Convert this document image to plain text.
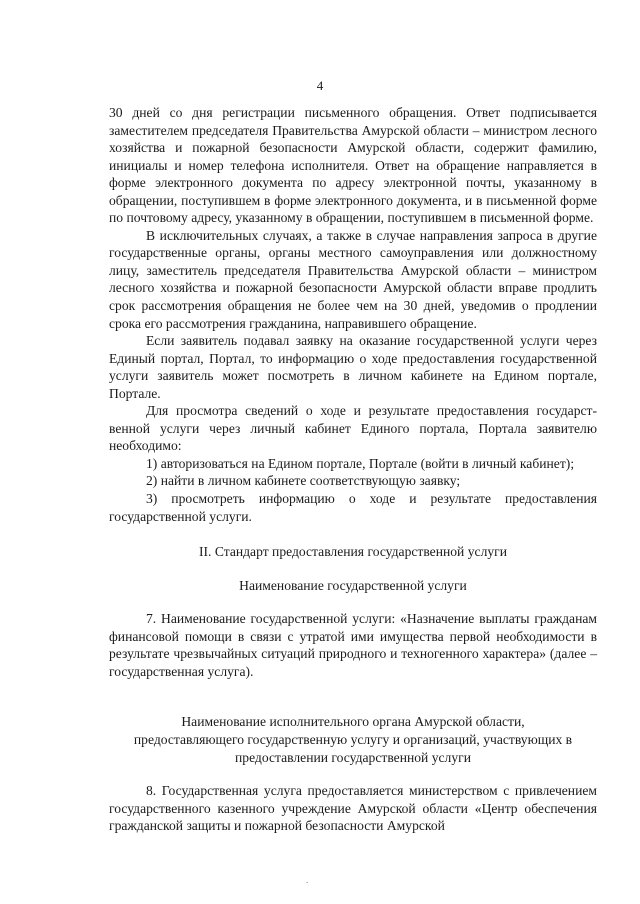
4

30 дней со дня регистрации письменного обращения. Ответ подписывается заместителем председателя Правительства Амурской области – министром лесного хозяйства и пожарной безопасности Амурской области, содержит фамилию, инициалы и номер телефона исполнителя. Ответ на обращение направляется в форме электронного документа по адресу электронной почты, указанному в обращении, поступившем в форме электронного документа, и в письменной форме по почтовому адресу, указанному в обращении, поступившем в письменной форме.

В исключительных случаях, а также в случае направления запроса в другие государственные органы, органы местного самоуправления или должностному лицу, заместитель председателя Правительства Амурской области – министром лесного хозяйства и пожарной безопасности Амурской области вправе продлить срок рассмотрения обращения не более чем на 30 дней, уведомив о продлении срока его рассмотрения гражданина, направившего обращение.

Если заявитель подавал заявку на оказание государственной услуги через Единый портал, Портал, то информацию о ходе предоставления государственной услуги заявитель может посмотреть в личном кабинете на Едином портале, Портале.

Для просмотра сведений о ходе и результате предоставления государст-венной услуги через личный кабинет Единого портала, Портала заявителю необходимо:

1) авторизоваться на Едином портале, Портале (войти в личный кабинет);

2) найти в личном кабинете соответствующую заявку;

3) просмотреть информацию о ходе и результате предоставления государственной услуги.

II. Стандарт предоставления государственной услуги

Наименование государственной услуги

7. Наименование государственной услуги: «Назначение выплаты гражданам финансовой помощи в связи с утратой ими имущества первой необходимости в результате чрезвычайных ситуаций природного и техногенного характера» (далее – государственная услуга).

Наименование исполнительного органа Амурской области,

предоставляющего государственную услугу и организаций, участвующих в

предоставлении государственной услуги

8. Государственная услуга предоставляется министерством с привлечением государственного казенного учреждение Амурской области «Центр обеспечения гражданской защиты и пожарной безопасности Амурской

.
